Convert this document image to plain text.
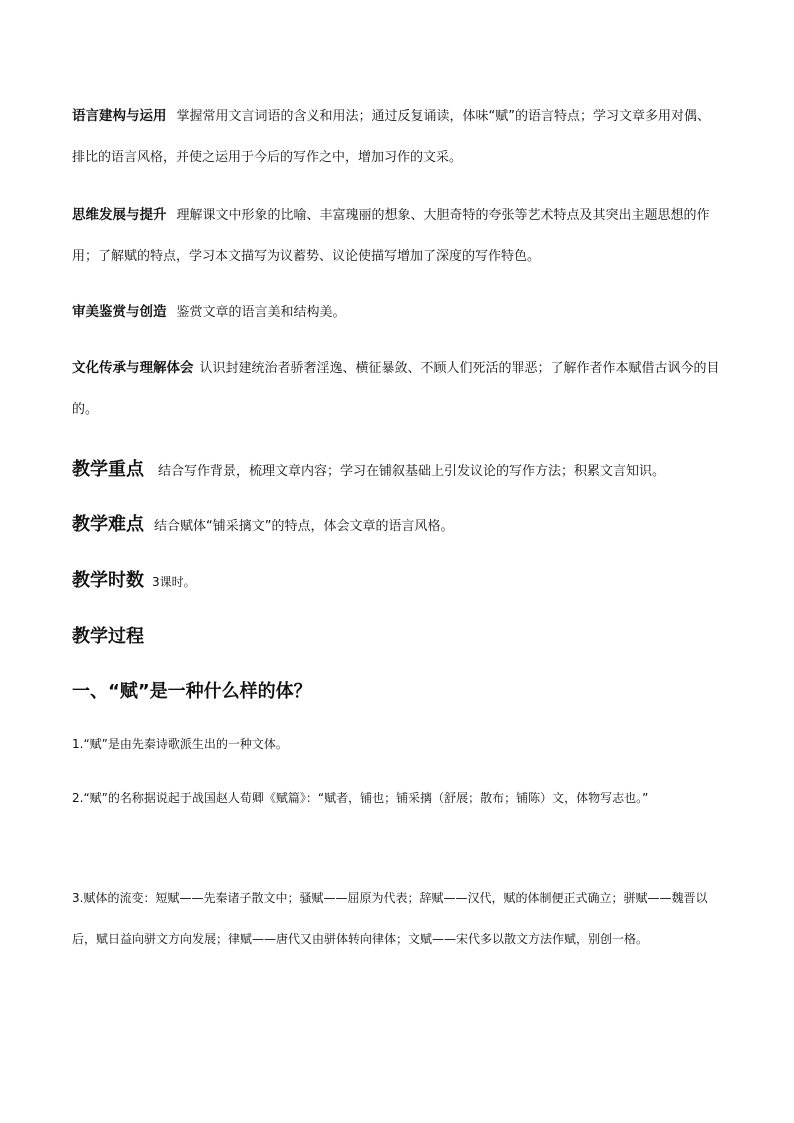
语言建构与运用 掌握常用文言词语的含义和用法；通过反复诵读，体味“赋”的语言特点；学习文章多用对偶、排比的语言风格，并使之运用于今后的写作之中，增加习作的文采。

思维发展与提升 理解课文中形象的比喻、丰富瑰丽的想象、大胆奇特的夸张等艺术特点及其突出主题思想的作用；了解赋的特点，学习本文描写为议蓄势、议论使描写增加了深度的写作特色。

审美鉴赏与创造 鉴赏文章的语言美和结构美。

文化传承与理解体会 认识封建统治者骄奢淫逸、横征暴敛、不顾人们死活的罪恶；了解作者作本赋借古讽今的目的。

教学重点 结合写作背景，梳理文章内容；学习在铺叙基础上引发议论的写作方法；积累文言知识。

教学难点 结合赋体“铺采摛文”的特点，体会文章的语言风格。

教学时数 3课时。

教学过程

一、“赋”是一种什么样的体？

1.“赋”是由先秦诗歌派生出的一种文体。

2.“赋”的名称据说起于战国赵人荀卿《赋篇》：“赋者，铺也；铺采摛（舒展；散布；铺陈）文，体物写志也。”

3.赋体的流变：短赋——先秦诸子散文中；骚赋——屈原为代表；辞赋——汉代，赋的体制便正式确立；骈赋——魏晋以后，赋日益向骈文方向发展；律赋——唐代又由骈体转向律体；文赋——宋代多以散文方法作赋，别创一格。
